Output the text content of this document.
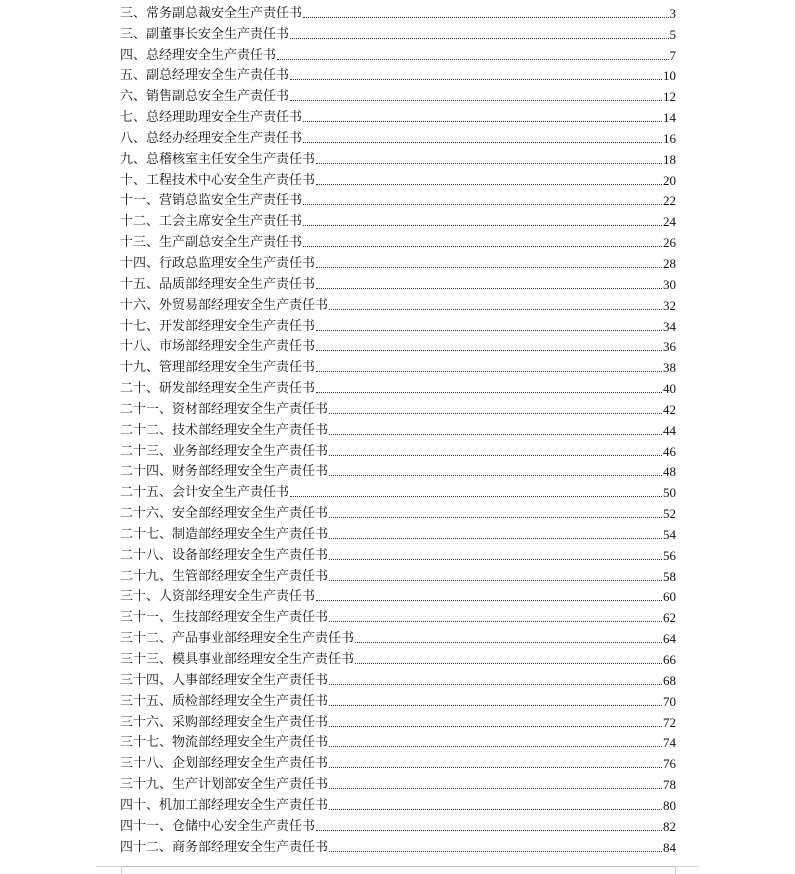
三、常务副总裁安全生产责任书	3
三、副董事长安全生产责任书	5
四、总经理安全生产责任书	7
五、副总经理安全生产责任书	10
六、销售副总安全生产责任书	12
七、总经理助理安全生产责任书	14
八、总经办经理安全生产责任书	16
九、总稽核室主任安全生产责任书	18
十、工程技术中心安全生产责任书	20
十一、营销总监安全生产责任书	22
十二、工会主席安全生产责任书	24
十三、生产副总安全生产责任书	26
十四、行政总监理安全生产责任书	28
十五、品质部经理安全生产责任书	30
十六、外贸易部经理安全生产责任书	32
十七、开发部经理安全生产责任书	34
十八、市场部经理安全生产责任书	36
十九、管理部经理安全生产责任书	38
二十、研发部经理安全生产责任书	40
二十一、资材部经理安全生产责任书	42
二十二、技术部经理安全生产责任书	44
二十三、业务部经理安全生产责任书	46
二十四、财务部经理安全生产责任书	48
二十五、会计安全生产责任书	50
二十六、安全部经理安全生产责任书	52
二十七、制造部经理安全生产责任书	54
二十八、设备部经理安全生产责任书	56
二十九、生管部经理安全生产责任书	58
三十、人资部经理安全生产责任书	60
三十一、生技部经理安全生产责任书	62
三十二、产品事业部经理安全生产责任书	64
三十三、模具事业部经理安全生产责任书	66
三十四、人事部经理安全生产责任书	68
三十五、质检部经理安全生产责任书	70
三十六、采购部经理安全生产责任书	72
三十七、物流部经理安全生产责任书	74
三十八、企划部经理安全生产责任书	76
三十九、生产计划部安全生产责任书	78
四十、机加工部经理安全生产责任书	80
四十一、仓储中心安全生产责任书	82
四十二、商务部经理安全生产责任书	84
